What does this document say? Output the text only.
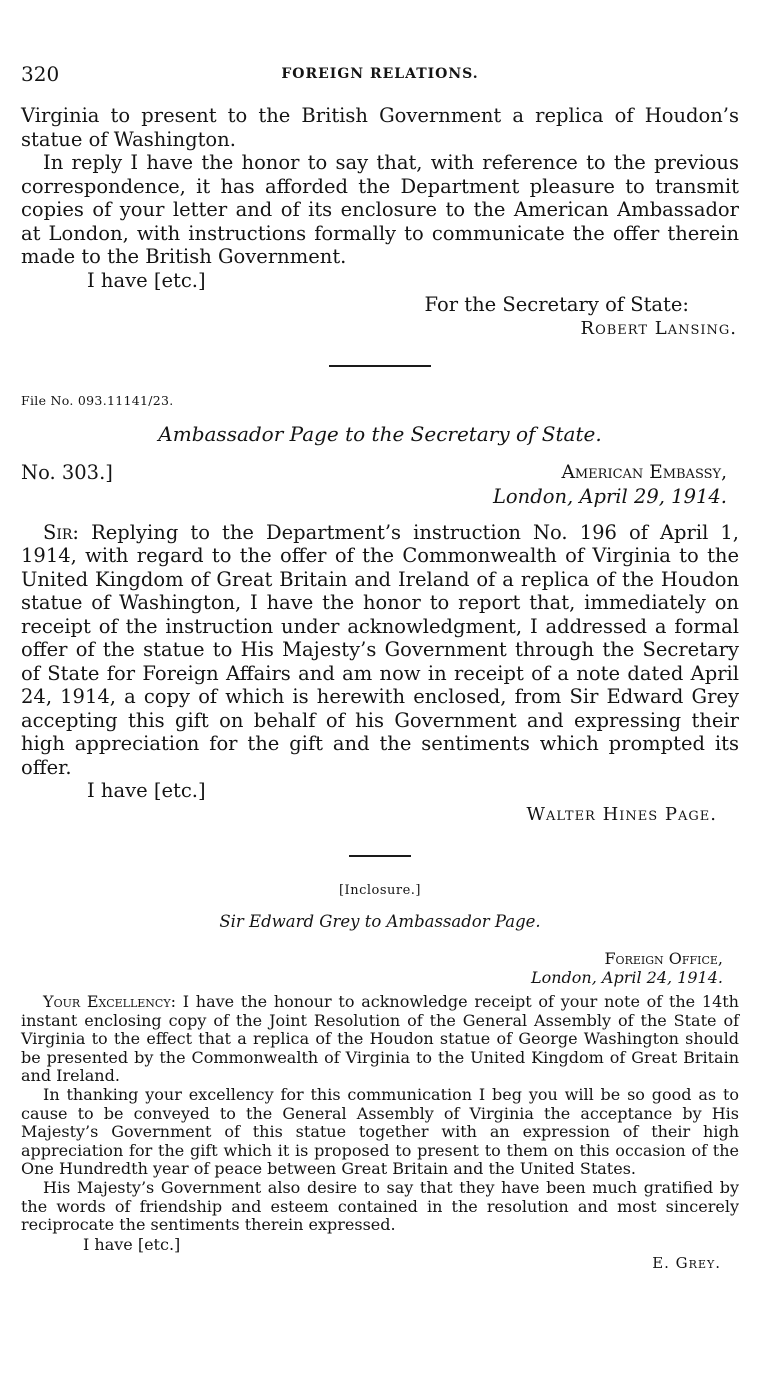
320	FOREIGN RELATIONS.

Virginia to present to the British Government a replica of Houdon’s statue of Washington.

In reply I have the honor to say that, with reference to the previous correspondence, it has afforded the Department pleasure to transmit copies of your letter and of its enclosure to the American Ambassador at London, with instructions formally to communicate the offer therein made to the British Government.

I have [etc.]
For the Secretary of State:
Robert Lansing.
File No. 093.11141/23.
Ambassador Page to the Secretary of State.
No. 303.]	American Embassy,
London, April 29, 1914.

Sir: Replying to the Department’s instruction No. 196 of April 1, 1914, with regard to the offer of the Commonwealth of Virginia to the United Kingdom of Great Britain and Ireland of a replica of the Houdon statue of Washington, I have the honor to report that, immediately on receipt of the instruction under acknowledgment, I addressed a formal offer of the statue to His Majesty’s Government through the Secretary of State for Foreign Affairs and am now in receipt of a note dated April 24, 1914, a copy of which is herewith enclosed, from Sir Edward Grey accepting this gift on behalf of his Government and expressing their high appreciation for the gift and the sentiments which prompted its offer.

I have [etc.]
Walter Hines Page.
[Inclosure.]
Sir Edward Grey to Ambassador Page.
Foreign Office,
London, April 24, 1914.

Your Excellency: I have the honour to acknowledge receipt of your note of the 14th instant enclosing copy of the Joint Resolution of the General Assembly of the State of Virginia to the effect that a replica of the Houdon statue of George Washington should be presented by the Commonwealth of Virginia to the United Kingdom of Great Britain and Ireland.

In thanking your excellency for this communication I beg you will be so good as to cause to be conveyed to the General Assembly of Virginia the acceptance by His Majesty’s Government of this statue together with an expression of their high appreciation for the gift which it is proposed to present to them on this occasion of the One Hundredth year of peace between Great Britain and the United States.

His Majesty’s Government also desire to say that they have been much gratified by the words of friendship and esteem contained in the resolution and most sincerely reciprocate the sentiments therein expressed.

I have [etc.]
E. Grey.
